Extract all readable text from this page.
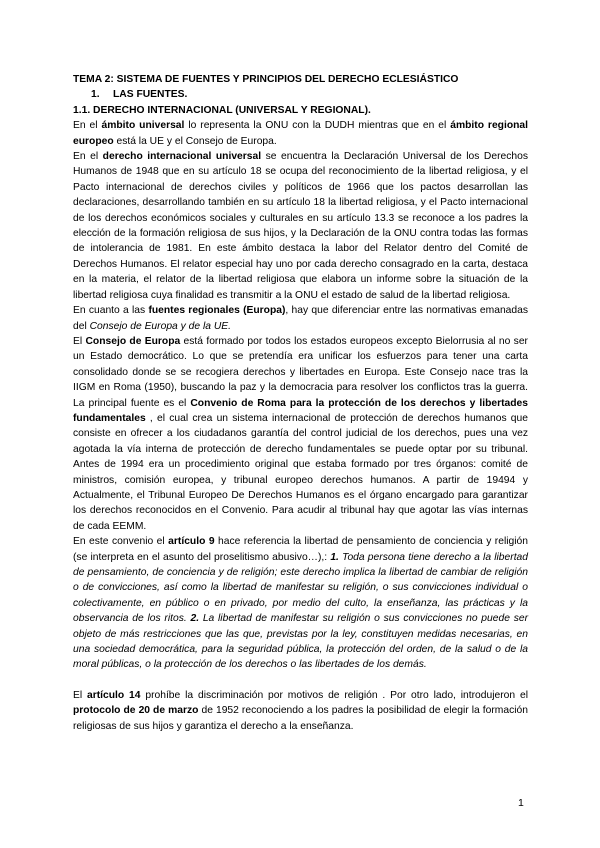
TEMA 2: SISTEMA DE FUENTES Y PRINCIPIOS DEL DERECHO ECLESIÁSTICO

1. LAS FUENTES.

1.1. DERECHO INTERNACIONAL (UNIVERSAL Y REGIONAL).

En el ámbito universal lo representa la ONU con la DUDH mientras que en el ámbito regional europeo está la UE y el Consejo de Europa.

En el derecho internacional universal se encuentra la Declaración Universal de los Derechos Humanos de 1948 que en su artículo 18 se ocupa del reconocimiento de la libertad religiosa, y el Pacto internacional de derechos civiles y políticos de 1966 que los pactos desarrollan las declaraciones, desarrollando también en su artículo 18 la libertad religiosa, y el Pacto internacional de los derechos económicos sociales y culturales en su artículo 13.3 se reconoce a los padres la elección de la formación religiosa de sus hijos, y la Declaración de la ONU contra todas las formas de intolerancia de 1981. En este ámbito destaca la labor del Relator dentro del Comité de Derechos Humanos. El relator especial hay uno por cada derecho consagrado en la carta, destaca en la materia, el relator de la libertad religiosa que elabora un informe sobre la situación de la libertad religiosa cuya finalidad es transmitir a la ONU el estado de salud de la libertad religiosa.

En cuanto a las fuentes regionales (Europa), hay que diferenciar entre las normativas emanadas del Consejo de Europa y de la UE.

El Consejo de Europa está formado por todos los estados europeos excepto Bielorrusia al no ser un Estado democrático. Lo que se pretendía era unificar los esfuerzos para tener una carta consolidado donde se se recogiera derechos y libertades en Europa. Este Consejo nace tras la IIGM en Roma (1950), buscando la paz y la democracia para resolver los conflictos tras la guerra. La principal fuente es el Convenio de Roma para la protección de los derechos y libertades fundamentales , el cual crea un sistema internacional de protección de derechos humanos que consiste en ofrecer a los ciudadanos garantía del control judicial de los derechos, pues una vez agotada la vía interna de protección de derecho fundamentales se puede optar por su tribunal. Antes de 1994 era un procedimiento original que estaba formado por tres órganos: comité de ministros, comisión europea, y tribunal europeo derechos humanos. A partir de 19494 y Actualmente, el Tribunal Europeo De Derechos Humanos es el órgano encargado para garantizar los derechos reconocidos en el Convenio. Para acudir al tribunal hay que agotar las vías internas de cada EEMM.

En este convenio el artículo 9 hace referencia la libertad de pensamiento de conciencia y religión (se interpreta en el asunto del proselitismo abusivo…),: 1. Toda persona tiene derecho a la libertad de pensamiento, de conciencia y de religión; este derecho implica la libertad de cambiar de religión o de convicciones, así como la libertad de manifestar su religión, o sus convicciones individual o colectivamente, en público o en privado, por medio del culto, la enseñanza, las prácticas y la observancia de los ritos. 2. La libertad de manifestar su religión o sus convicciones no puede ser objeto de más restricciones que las que, previstas por la ley, constituyen medidas necesarias, en una sociedad democrática, para la seguridad pública, la protección del orden, de la salud o de la moral públicas, o la protección de los derechos o las libertades de los demás.

El artículo 14 prohíbe la discriminación por motivos de religión . Por otro lado, introdujeron el protocolo de 20 de marzo de 1952 reconociendo a los padres la posibilidad de elegir la formación religiosas de sus hijos y garantiza el derecho a la enseñanza.

1
